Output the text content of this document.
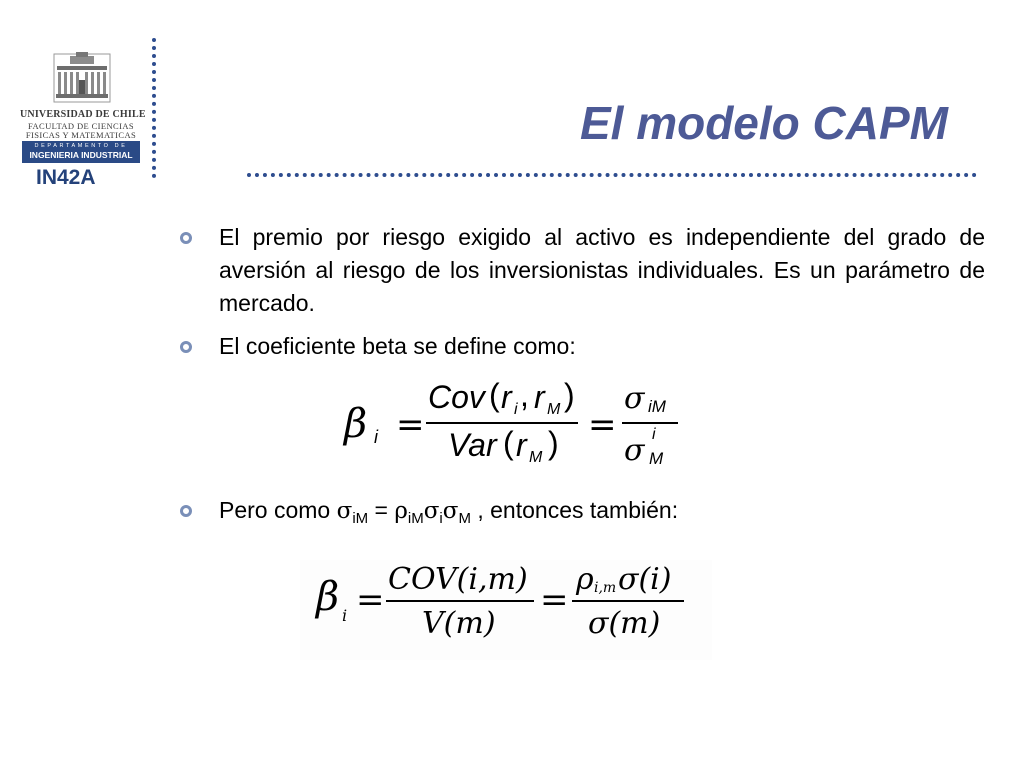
UNIVERSIDAD DE CHILE
FACULTAD DE CIENCIAS
FISICAS Y MATEMATICAS
DEPARTAMENTO DE
INGENIERIA INDUSTRIAL
IN42A
El modelo CAPM
El premio por riesgo exigido al activo es independiente del grado de aversión al riesgo de los inversionistas individuales. Es un parámetro de mercado.
El coeficiente beta se define como:
Pero como $\sigma_{iM} = \rho_{iM}\sigma_i\sigma_M$ , entonces también:
β i =
Cov ( r i , r M )
Var ( r M ) =
σ iM
σ i
M
β i =
COV(i,m)
V(m)
=
ρ i,m σ(i)
σ(m)
